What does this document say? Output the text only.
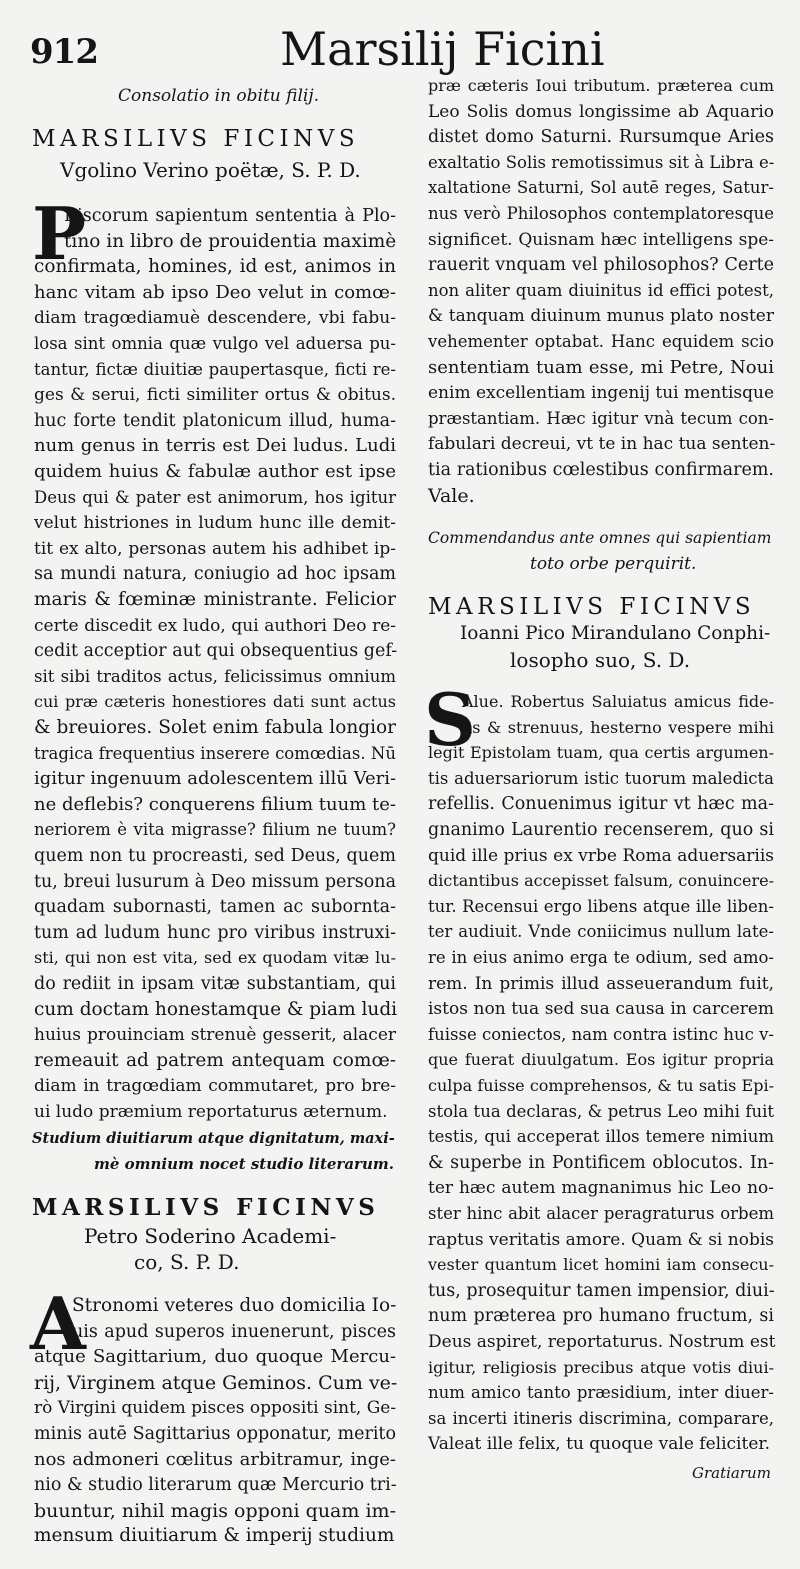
912	Marsilij Ficini
Consolatio in obitu filij.
MARSILIVS FICINVS
Vgolino Verino poëtæ, S. P. D.
P
Riscorum sapientum sententia à Plo-
tino in libro de prouidentia maximè
confirmata, homines, id est, animos in
hanc vitam ab ipso Deo velut in comœ-
diam tragœdiamuè descendere, vbi fabu-
losa sint omnia quæ vulgo vel aduersa pu-
tantur, fictæ diuitiæ paupertasque, ficti re-
ges & serui, ficti similiter ortus & obitus.
huc forte tendit platonicum illud, huma-
num genus in terris est Dei ludus. Ludi
quidem huius & fabulæ author est ipse
Deus qui & pater est animorum, hos igitur
velut histriones in ludum hunc ille demit-
tit ex alto, personas autem his adhibet ip-
sa mundi natura, coniugio ad hoc ipsam
maris & fœminæ ministrante. Felicior
certe discedit ex ludo, qui authori Deo re-
cedit acceptior aut qui obsequentius gef-
sit sibi traditos actus, felicissimus omnium
cui præ cæteris honestiores dati sunt actus
& breuiores. Solet enim fabula longior
tragica frequentius inserere comœdias. Nū
igitur ingenuum adolescentem illū Veri-
ne deflebis? conquerens filium tuum te-
neriorem è vita migrasse? filium ne tuum?
quem non tu procreasti, sed Deus, quem
tu, breui lusurum à Deo missum persona
quadam subornasti, tamen ac subornta-
tum ad ludum hunc pro viribus instruxi-
sti, qui non est vita, sed ex quodam vitæ lu-
do rediit in ipsam vitæ substantiam, qui
cum doctam honestamque & piam ludi
huius prouinciam strenuè gesserit, alacer
remeauit ad patrem antequam comœ-
diam in tragœdiam commutaret, pro bre-
ui ludo præmium reportaturus æternum.
Studium diuitiarum atque dignitatum, maxi-
mè omnium nocet studio literarum.
MARSILIVS FICINVS
Petro Soderino Academi-
co, S. P. D.
A
Stronomi veteres duo domicilia Io-
uis apud superos inuenerunt, pisces
atque Sagittarium, duo quoque Mercu-
rij, Virginem atque Geminos. Cum ve-
rò Virgini quidem pisces oppositi sint, Ge-
minis autē Sagittarius opponatur, merito
nos admoneri cœlitus arbitramur, inge-
nio & studio literarum quæ Mercurio tri-
buuntur, nihil magis opponi quam im-
mensum diuitiarum & imperij studium
præ cæteris Ioui tributum. præterea cum
Leo Solis domus longissime ab Aquario
distet domo Saturni. Rursumque Aries
exaltatio Solis remotissimus sit à Libra e-
xaltatione Saturni, Sol autē reges, Satur-
nus verò Philosophos contemplatoresque
significet. Quisnam hæc intelligens spe-
rauerit vnquam vel philosophos? Certe
non aliter quam diuinitus id effici potest,
& tanquam diuinum munus plato noster
vehementer optabat. Hanc equidem scio
sententiam tuam esse, mi Petre, Noui
enim excellentiam ingenij tui mentisque
præstantiam. Hæc igitur vnà tecum con-
fabulari decreui, vt te in hac tua senten-
tia rationibus cœlestibus confirmarem.
Vale.
Commendandus ante omnes qui sapientiam
toto orbe perquirit.
MARSILIVS FICINVS
Ioanni Pico Mirandulano Conphi-
losopho suo, S. D.
S
Alue. Robertus Saluiatus amicus fide-
lis & strenuus, hesterno vespere mihi
legit Epistolam tuam, qua certis argumen-
tis aduersariorum istic tuorum maledicta
refellis. Conuenimus igitur vt hæc ma-
gnanimo Laurentio recenserem, quo si
quid ille prius ex vrbe Roma aduersariis
dictantibus accepisset falsum, conuincere-
tur. Recensui ergo libens atque ille liben-
ter audiuit. Vnde coniicimus nullum late-
re in eius animo erga te odium, sed amo-
rem. In primis illud asseuerandum fuit,
istos non tua sed sua causa in carcerem
fuisse coniectos, nam contra istinc huc v-
que fuerat diuulgatum. Eos igitur propria
culpa fuisse comprehensos, & tu satis Epi-
stola tua declaras, & petrus Leo mihi fuit
testis, qui acceperat illos temere nimium
& superbe in Pontificem oblocutos. In-
ter hæc autem magnanimus hic Leo no-
ster hinc abit alacer peragraturus orbem
raptus veritatis amore. Quam & si nobis
vester quantum licet homini iam consecu-
tus, prosequitur tamen impensior, diui-
num præterea pro humano fructum, si
Deus aspiret, reportaturus. Nostrum est
igitur, religiosis precibus atque votis diui-
num amico tanto præsidium, inter diuer-
sa incerti itineris discrimina, comparare,
Valeat ille felix, tu quoque vale feliciter.
Gratiarum
